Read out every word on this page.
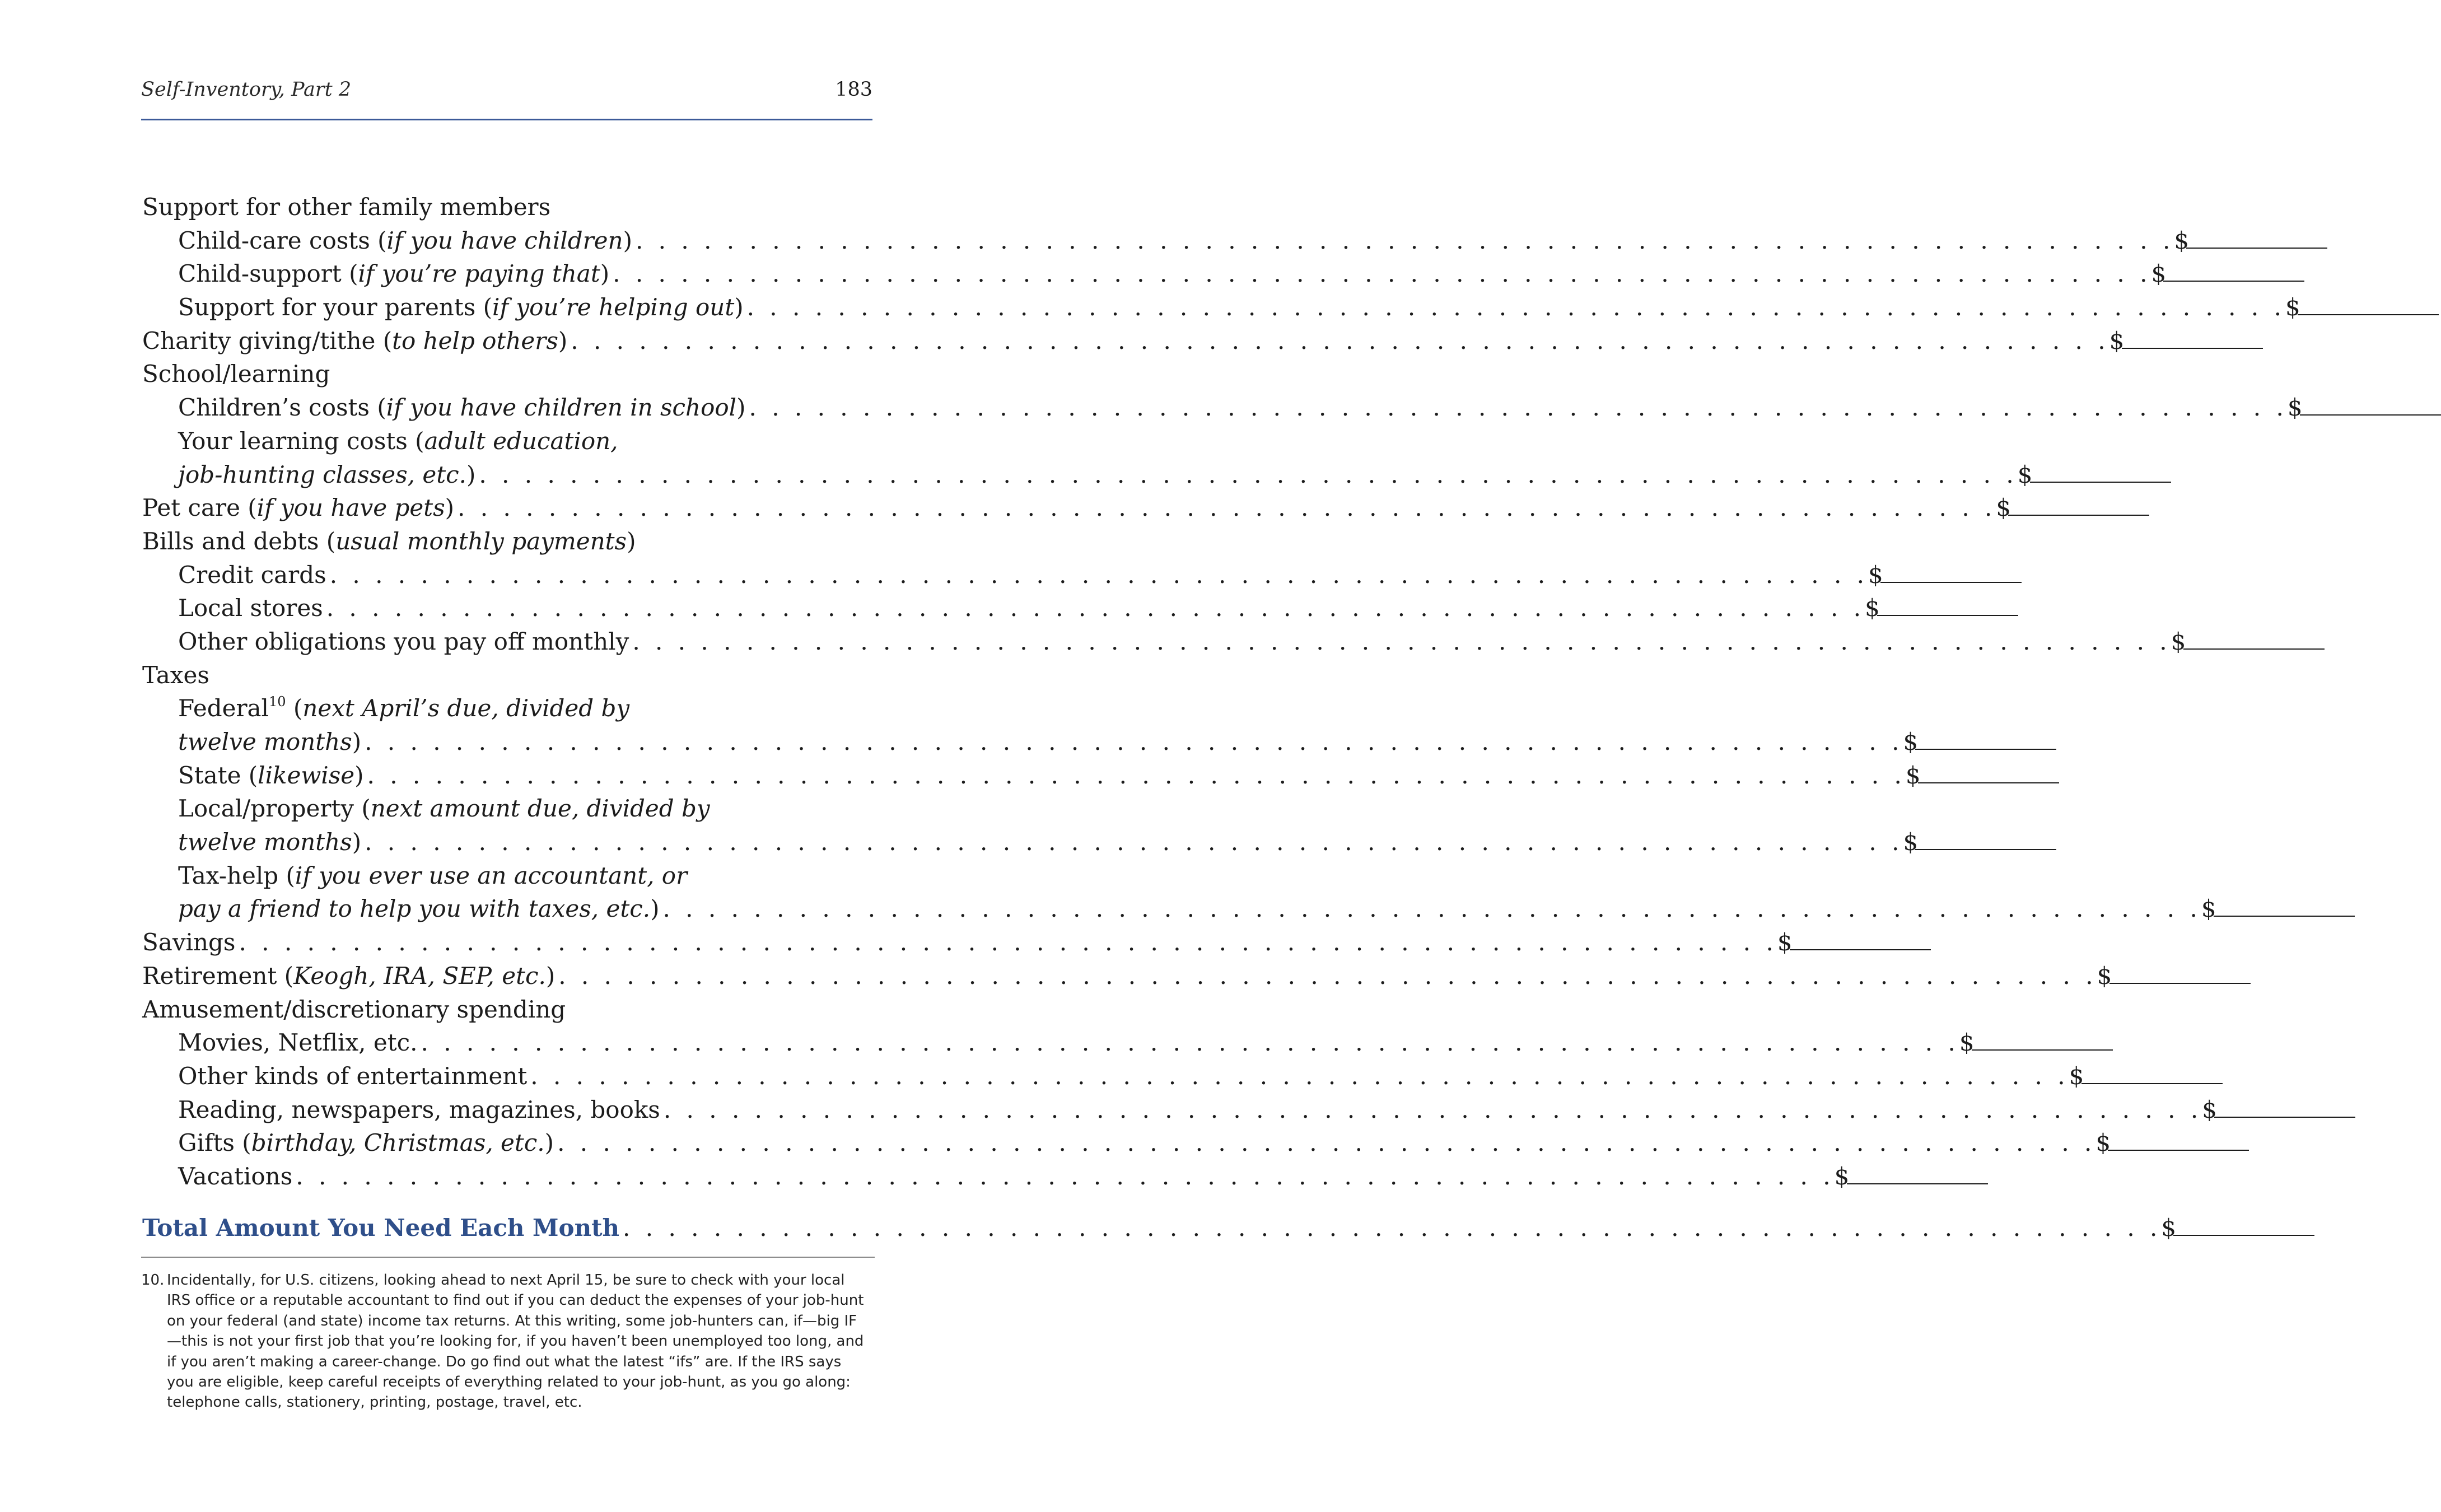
Self-Inventory, Part 2	183
Support for other family members
Child-care costs (if you have children) . . . . . . . . . . . . . . . . . . . . . . . . . . . . . . . . . . . . . . . . . . . . . . . . . . . . . . . . . . . . . . . . . . . . $
Child-support (if you’re paying that) . . . . . . . . . . . . . . . . . . . . . . . . . . . . . . . . . . . . . . . . . . . . . . . . . . . . . . . . . . . . . . . . . . . . $
Support for your parents (if you’re helping out) . . . . . . . . . . . . . . . . . . . . . . . . . . . . . . . . . . . . . . . . . . . . . . . . . . . . . . . . . . . . . . . . . . . . $
Charity giving/tithe (to help others) . . . . . . . . . . . . . . . . . . . . . . . . . . . . . . . . . . . . . . . . . . . . . . . . . . . . . . . . . . . . . . . . . . . . $
School/learning
Children’s costs (if you have children in school) . . . . . . . . . . . . . . . . . . . . . . . . . . . . . . . . . . . . . . . . . . . . . . . . . . . . . . . . . . . . . . . . . . . . $
Your learning costs (adult education,
job-hunting classes, etc.) . . . . . . . . . . . . . . . . . . . . . . . . . . . . . . . . . . . . . . . . . . . . . . . . . . . . . . . . . . . . . . . . . . . . $
Pet care (if you have pets) . . . . . . . . . . . . . . . . . . . . . . . . . . . . . . . . . . . . . . . . . . . . . . . . . . . . . . . . . . . . . . . . . . . . $
Bills and debts (usual monthly payments)
Credit cards . . . . . . . . . . . . . . . . . . . . . . . . . . . . . . . . . . . . . . . . . . . . . . . . . . . . . . . . . . . . . . . . . . . . $
Local stores . . . . . . . . . . . . . . . . . . . . . . . . . . . . . . . . . . . . . . . . . . . . . . . . . . . . . . . . . . . . . . . . . . . . $
Other obligations you pay off monthly . . . . . . . . . . . . . . . . . . . . . . . . . . . . . . . . . . . . . . . . . . . . . . . . . . . . . . . . . . . . . . . . . . . . $
Taxes
Federal$^{10}$ (next April’s due, divided by
twelve months) . . . . . . . . . . . . . . . . . . . . . . . . . . . . . . . . . . . . . . . . . . . . . . . . . . . . . . . . . . . . . . . . . . . . $
State (likewise) . . . . . . . . . . . . . . . . . . . . . . . . . . . . . . . . . . . . . . . . . . . . . . . . . . . . . . . . . . . . . . . . . . . . $
Local/property (next amount due, divided by
twelve months) . . . . . . . . . . . . . . . . . . . . . . . . . . . . . . . . . . . . . . . . . . . . . . . . . . . . . . . . . . . . . . . . . . . . $
Tax-help (if you ever use an accountant, or
pay a friend to help you with taxes, etc.) . . . . . . . . . . . . . . . . . . . . . . . . . . . . . . . . . . . . . . . . . . . . . . . . . . . . . . . . . . . . . . . . . . . . $
Savings . . . . . . . . . . . . . . . . . . . . . . . . . . . . . . . . . . . . . . . . . . . . . . . . . . . . . . . . . . . . . . . . . . . . $
Retirement (Keogh, IRA, SEP, etc.) . . . . . . . . . . . . . . . . . . . . . . . . . . . . . . . . . . . . . . . . . . . . . . . . . . . . . . . . . . . . . . . . . . . . $
Amusement/discretionary spending
Movies, Netflix, etc. . . . . . . . . . . . . . . . . . . . . . . . . . . . . . . . . . . . . . . . . . . . . . . . . . . . . . . . . . . . . . . . . . . . . $
Other kinds of entertainment . . . . . . . . . . . . . . . . . . . . . . . . . . . . . . . . . . . . . . . . . . . . . . . . . . . . . . . . . . . . . . . . . . . . $
Reading, newspapers, magazines, books . . . . . . . . . . . . . . . . . . . . . . . . . . . . . . . . . . . . . . . . . . . . . . . . . . . . . . . . . . . . . . . . . . . . $
Gifts (birthday, Christmas, etc.) . . . . . . . . . . . . . . . . . . . . . . . . . . . . . . . . . . . . . . . . . . . . . . . . . . . . . . . . . . . . . . . . . . . . $
Vacations . . . . . . . . . . . . . . . . . . . . . . . . . . . . . . . . . . . . . . . . . . . . . . . . . . . . . . . . . . . . . . . . . . . . $
Total Amount You Need Each Month . . . . . . . . . . . . . . . . . . . . . . . . . . . . . . . . . . . . . . . . . . . . . . . . . . . . . . . . . . . . . . . . . . . . $
10. Incidentally, for U.S. citizens, looking ahead to next April 15, be sure to check with your local IRS office or a reputable accountant to find out if you can deduct the expenses of your job-hunt on your federal (and state) income tax returns. At this writing, some job-hunters can, if—big IF—this is not your first job that you’re looking for, if you haven’t been unemployed too long, and if you aren’t making a career-change. Do go find out what the latest “ifs” are. If the IRS says you are eligible, keep careful receipts of everything related to your job-hunt, as you go along: telephone calls, stationery, printing, postage, travel, etc.
